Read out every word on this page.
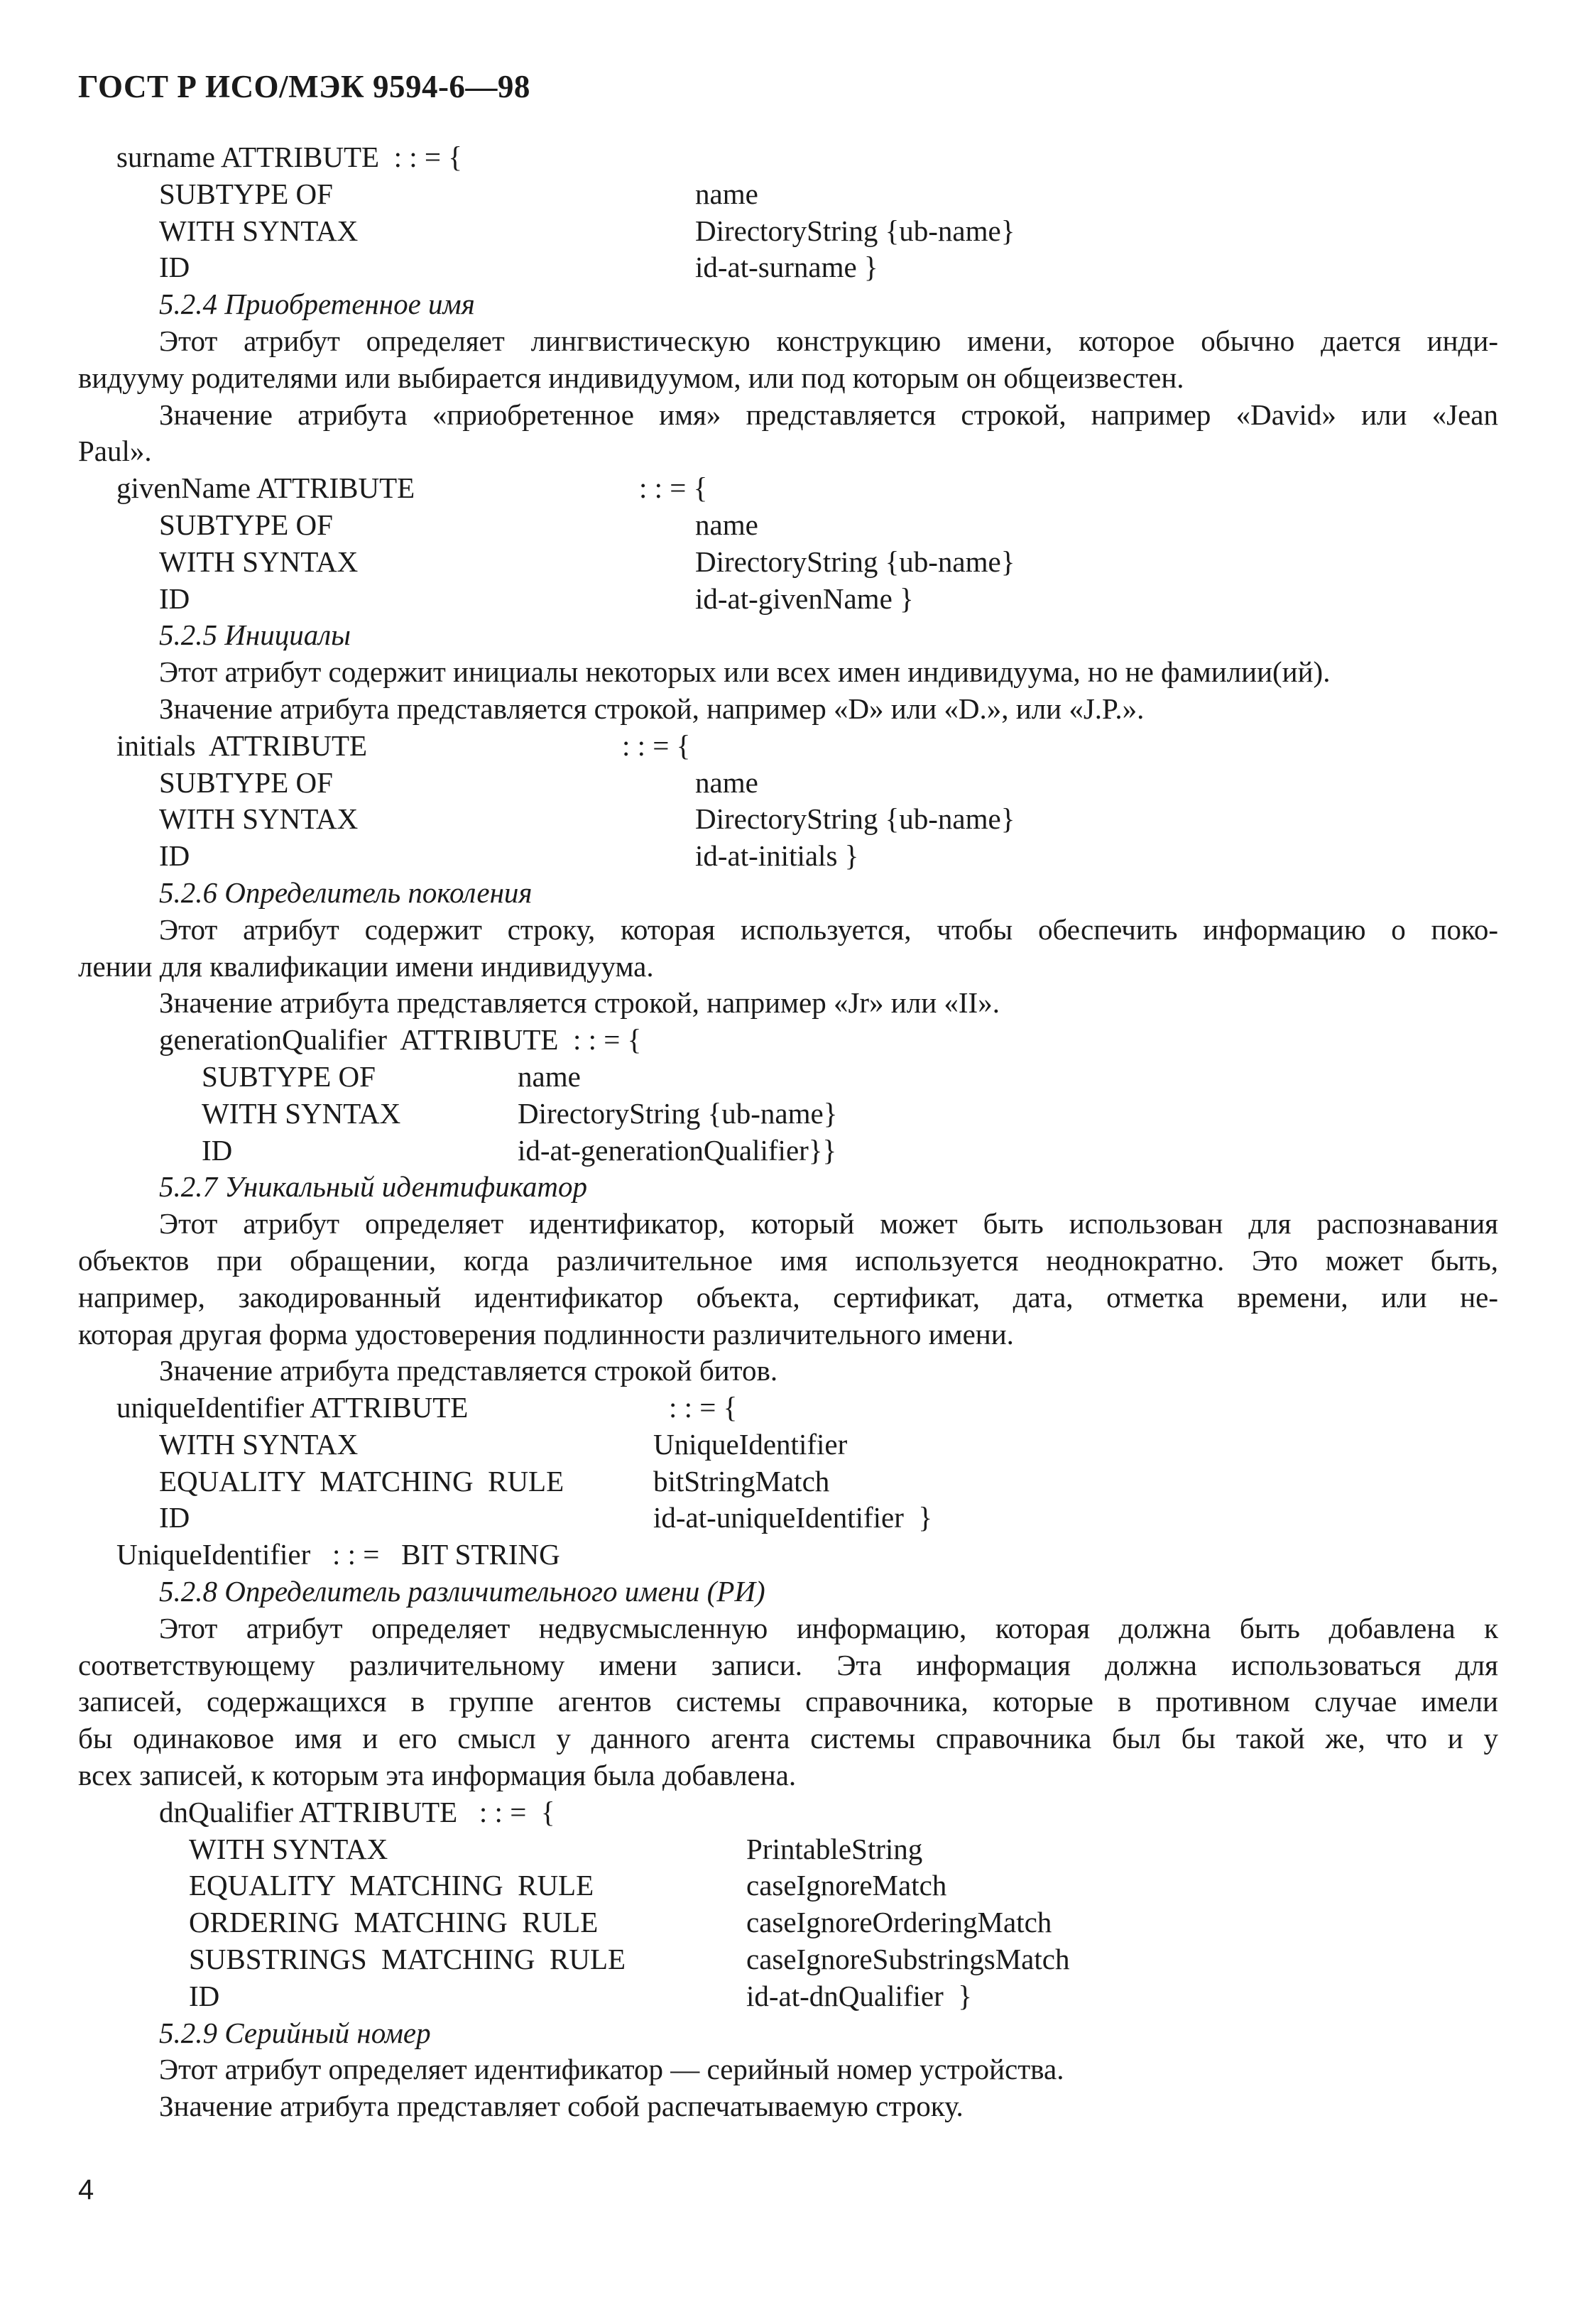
ГОСТ Р ИСО/МЭК 9594-6—98
surname ATTRIBUTE  : : = {
SUBTYPE OF	name
WITH SYNTAX	DirectoryString {ub-name}
ID	id-at-surname }
5.2.4 Приобретенное имя
Этот атрибут определяет лингвистическую конструкцию имени, которое обычно дается инди-
видууму родителями или выбирается индивидуумом, или под которым он общеизвестен.
Значение атрибута «приобретенное имя» представляется строкой, например «David» или «Jean
Paul».
givenName ATTRIBUTE	: : = {
SUBTYPE OF	name
WITH SYNTAX	DirectoryString {ub-name}
ID	id-at-givenName }
5.2.5 Инициалы
Этот атрибут содержит инициалы некоторых или всех имен индивидуума, но не фамилии(ий).
Значение атрибута представляется строкой, например «D» или «D.», или «J.P.».
initials  ATTRIBUTE	: : = {
SUBTYPE OF	name
WITH SYNTAX	DirectoryString {ub-name}
ID	id-at-initials }
5.2.6 Определитель поколения
Этот атрибут содержит строку, которая используется, чтобы обеспечить информацию о поко-
лении для квалификации имени индивидуума.
Значение атрибута представляется строкой, например «Jr» или «II».
generationQualifier  ATTRIBUTE  : : = {
SUBTYPE OF	name
WITH SYNTAX	DirectoryString {ub-name}
ID	id-at-generationQualifier}}
5.2.7 Уникальный идентификатор
Этот атрибут определяет идентификатор, который может быть использован для распознавания
объектов при обращении, когда различительное имя используется неоднократно. Это может быть,
например, закодированный идентификатор объекта, сертификат, дата, отметка времени, или не-
которая другая форма удостоверения подлинности различительного имени.
Значение атрибута представляется строкой битов.
uniqueIdentifier ATTRIBUTE	: : = {
WITH SYNTAX	UniqueIdentifier
EQUALITY  MATCHING  RULE	bitStringMatch
ID	id-at-uniqueIdentifier  }
UniqueIdentifier   : : =   BIT STRING
5.2.8 Определитель различительного имени (РИ)
Этот атрибут определяет недвусмысленную информацию, которая должна быть добавлена к
соответствующему различительному имени записи. Эта информация должна использоваться для
записей, содержащихся в группе агентов системы справочника, которые в противном случае имели
бы одинаковое имя и его смысл у данного агента системы справочника был бы такой же, что и у
всех записей, к которым эта информация была добавлена.
dnQualifier ATTRIBUTE   : : =  {
WITH SYNTAX	PrintableString
EQUALITY  MATCHING  RULE	caseIgnoreMatch
ORDERING  MATCHING  RULE	caseIgnoreOrderingMatch
SUBSTRINGS  MATCHING  RULE	caseIgnoreSubstringsMatch
ID	id-at-dnQualifier  }
5.2.9 Серийный номер
Этот атрибут определяет идентификатор — серийный номер устройства.
Значение атрибута представляет собой распечатываемую строку.
4
